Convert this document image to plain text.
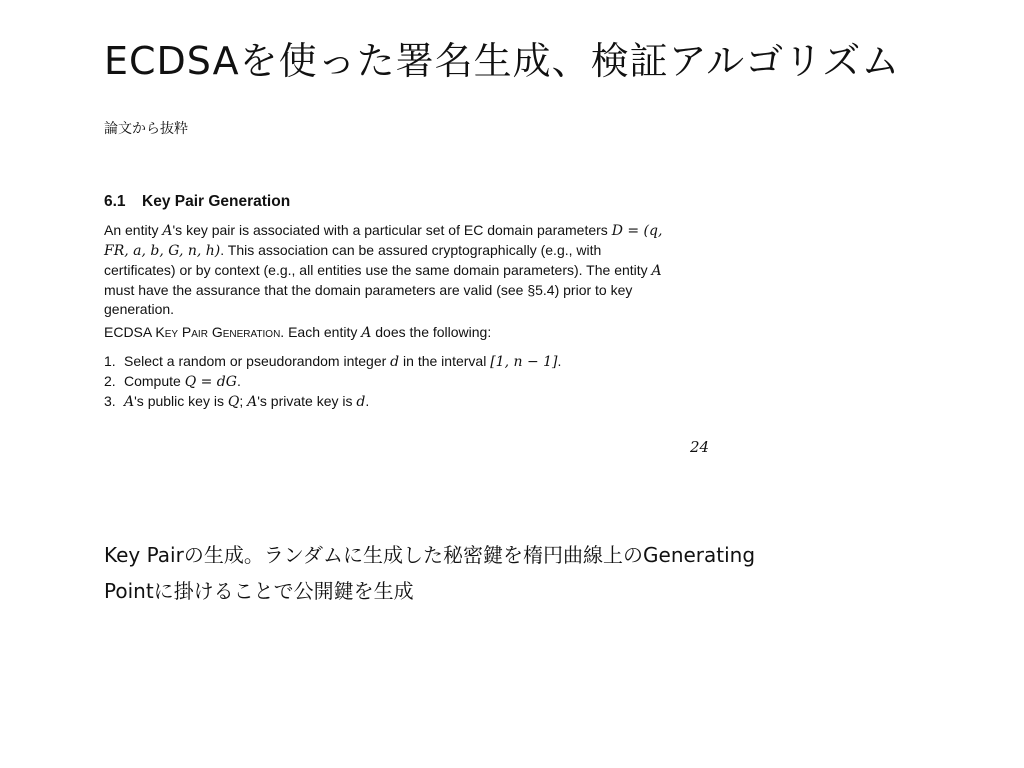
ECDSAを使った署名生成、検証アルゴリズム
論文から抜粋
6.1 Key Pair Generation

An entity A's key pair is associated with a particular set of EC domain parameters D = (q, FR, a, b, G, n, h). This association can be assured cryptographically (e.g., with certificates) or by context (e.g., all entities use the same domain parameters). The entity A must have the assurance that the domain parameters are valid (see §5.4) prior to key generation.

ECDSA Key Pair Generation. Each entity A does the following:

1. Select a random or pseudorandom integer d in the interval [1, n − 1].
2. Compute Q = dG.
3. A's public key is Q; A's private key is d.
24
Key Pairの生成。ランダムに生成した秘密鍵を楕円曲線上のGenerating
Pointに掛けることで公開鍵を生成
